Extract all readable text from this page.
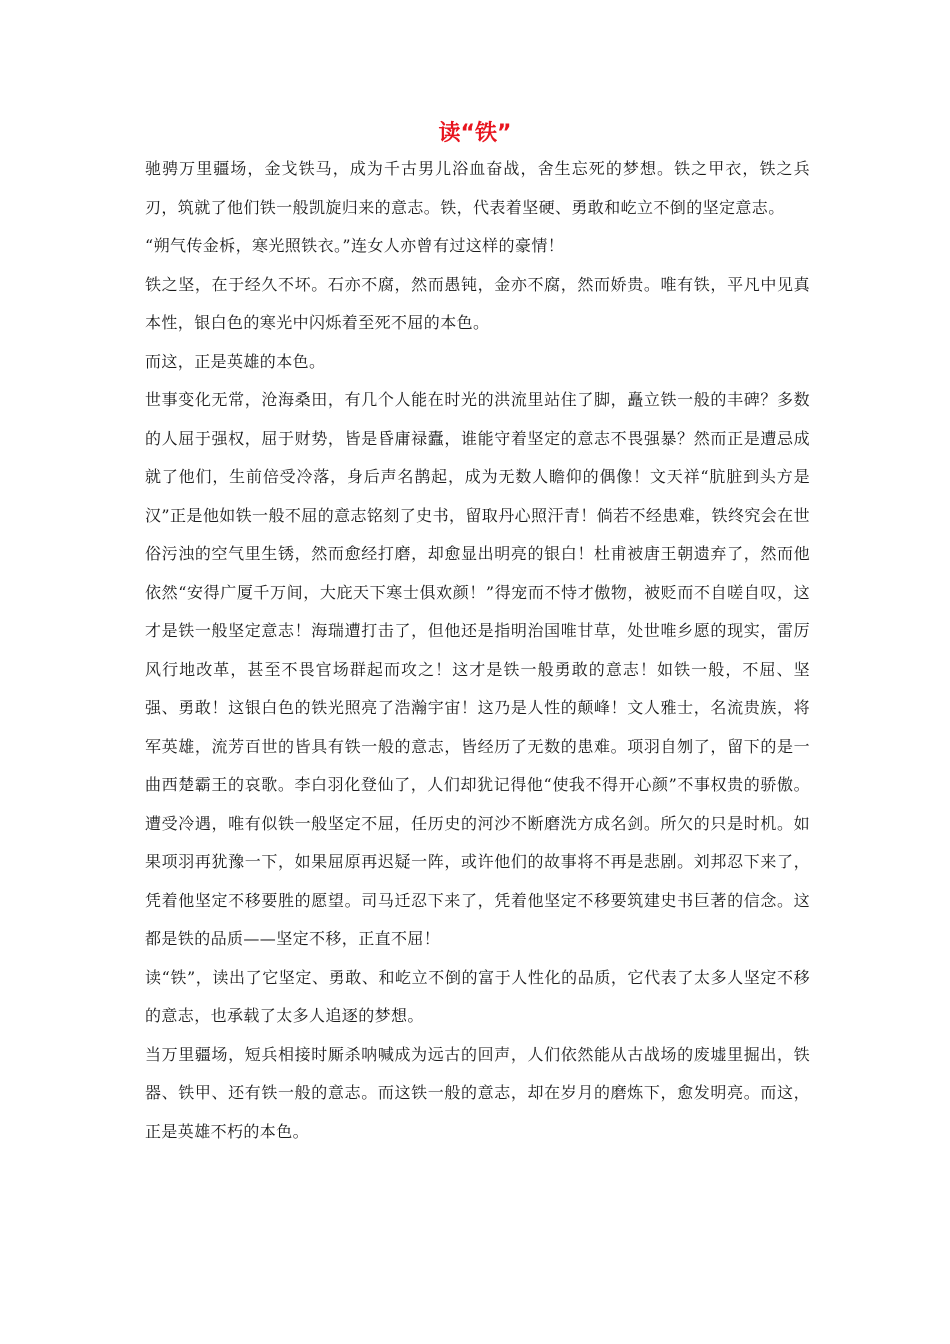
读“铁”

驰骋万里疆场，金戈铁马，成为千古男儿浴血奋战，舍生忘死的梦想。铁之甲衣，铁之兵刃，筑就了他们铁一般凯旋归来的意志。铁，代表着坚硬、勇敢和屹立不倒的坚定意志。

“朔气传金柝，寒光照铁衣。”连女人亦曾有过这样的豪情！

铁之坚，在于经久不坏。石亦不腐，然而愚钝，金亦不腐，然而娇贵。唯有铁，平凡中见真本性，银白色的寒光中闪烁着至死不屈的本色。

而这，正是英雄的本色。

世事变化无常，沧海桑田，有几个人能在时光的洪流里站住了脚，矗立铁一般的丰碑？多数的人屈于强权，屈于财势，皆是昏庸禄蠹，谁能守着坚定的意志不畏强暴？然而正是遭忌成就了他们，生前倍受冷落，身后声名鹊起，成为无数人瞻仰的偶像！文天祥“肮脏到头方是汉”正是他如铁一般不屈的意志铭刻了史书，留取丹心照汗青！倘若不经患难，铁终究会在世俗污浊的空气里生锈，然而愈经打磨，却愈显出明亮的银白！杜甫被唐王朝遗弃了，然而他依然“安得广厦千万间，大庇天下寒士俱欢颜！”得宠而不恃才傲物，被贬而不自嗟自叹，这才是铁一般坚定意志！海瑞遭打击了，但他还是指明治国唯甘草，处世唯乡愿的现实，雷厉风行地改革，甚至不畏官场群起而攻之！这才是铁一般勇敢的意志！如铁一般，不屈、坚强、勇敢！这银白色的铁光照亮了浩瀚宇宙！这乃是人性的颠峰！文人雅士，名流贵族，将军英雄，流芳百世的皆具有铁一般的意志，皆经历了无数的患难。项羽自刎了，留下的是一曲西楚霸王的哀歌。李白羽化登仙了，人们却犹记得他“使我不得开心颜”不事权贵的骄傲。遭受冷遇，唯有似铁一般坚定不屈，任历史的河沙不断磨洗方成名剑。所欠的只是时机。如果项羽再犹豫一下，如果屈原再迟疑一阵，或许他们的故事将不再是悲剧。刘邦忍下来了，凭着他坚定不移要胜的愿望。司马迁忍下来了，凭着他坚定不移要筑建史书巨著的信念。这都是铁的品质——坚定不移，正直不屈！

读“铁”，读出了它坚定、勇敢、和屹立不倒的富于人性化的品质，它代表了太多人坚定不移的意志，也承载了太多人追逐的梦想。

当万里疆场，短兵相接时厮杀呐喊成为远古的回声，人们依然能从古战场的废墟里掘出，铁器、铁甲、还有铁一般的意志。而这铁一般的意志，却在岁月的磨炼下，愈发明亮。而这，正是英雄不朽的本色。
